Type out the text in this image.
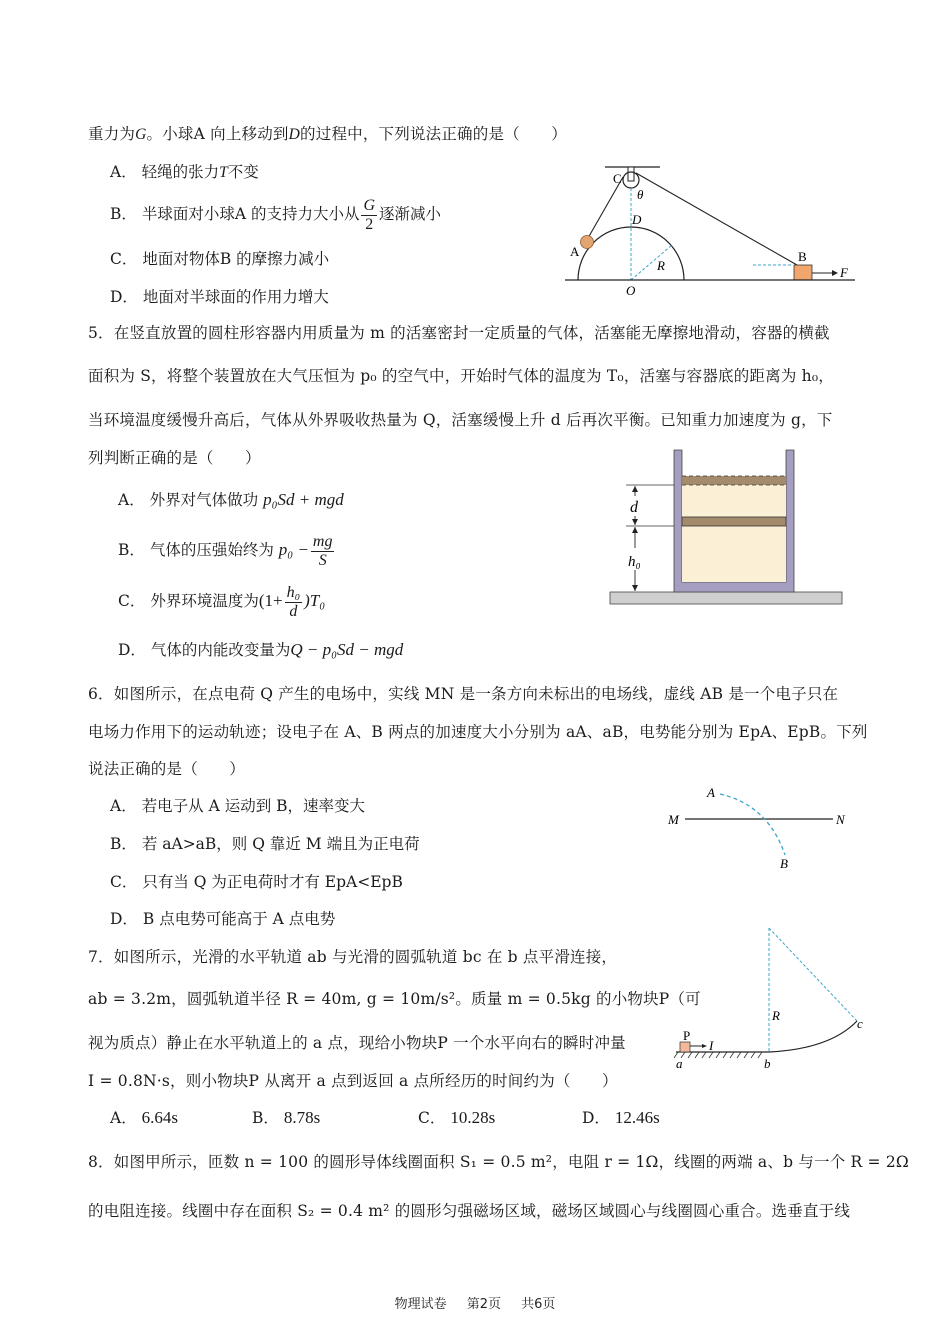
重力为G。小球A 向上移动到D的过程中，下列说法正确的是（　　）
A． 轻绳的张力T不变
B． 半球面对小球A 的支持力大小从 $\frac{G}{2}$ 逐渐减小
C． 地面对物体B 的摩擦力减小
D． 地面对半球面的作用力增大
C
θ
D
A
R
O
B
F
5．在竖直放置的圆柱形容器内用质量为 m 的活塞密封一定质量的气体，活塞能无摩擦地滑动，容器的横截
面积为 S，将整个装置放在大气压恒为 p₀ 的空气中，开始时气体的温度为 T₀，活塞与容器底的距离为 h₀，
当环境温度缓慢升高后，气体从外界吸收热量为 Q，活塞缓慢上升 d 后再次平衡。已知重力加速度为 g，下
列判断正确的是（　　）
A． 外界对气体做功 p₀Sd + mgd
B． 气体的压强始终为 $p_0 - \frac{mg}{S}$
C． 外界环境温度为$(1+ \frac{\text{h₀}}{d} )T_0$
D． 气体的内能改变量为Q − p₀Sd − mgd
d
h₀
6．如图所示，在点电荷 Q 产生的电场中，实线 MN 是一条方向未标出的电场线，虚线 AB 是一个电子只在
电场力作用下的运动轨迹；设电子在 A、B 两点的加速度大小分别为 aA、aB，电势能分别为 EpA、EpB。下列
说法正确的是（　　）
A． 若电子从 A 运动到 B，速率变大
B． 若 aA>aB，则 Q 靠近 M 端且为正电荷
C． 只有当 Q 为正电荷时才有 EpA<EpB
D． B 点电势可能高于 A 点电势
A
M	N
B
7．如图所示，光滑的水平轨道 ab 与光滑的圆弧轨道 bc 在 b 点平滑连接，
ab = 3.2m，圆弧轨道半径 R = 40m, g = 10m/s²。质量 m = 0.5kg 的小物块P（可
视为质点）静止在水平轨道上的 a 点，现给小物块P 一个水平向右的瞬时冲量
I = 0.8N·s，则小物块P 从离开 a 点到返回 a 点所经历的时间约为（　　）
A． 6.64s	B． 8.78s	C． 10.28s	D． 12.46s
P
I
R
c
a	b
8．如图甲所示，匝数 n = 100 的圆形导体线圈面积 S₁ = 0.5 m²，电阻 r = 1Ω，线圈的两端 a、b 与一个 R = 2Ω
的电阻连接。线圈中存在面积 S₂ = 0.4 m² 的圆形匀强磁场区域，磁场区域圆心与线圈圆心重合。选垂直于线
物理试卷 第2页 共6页
